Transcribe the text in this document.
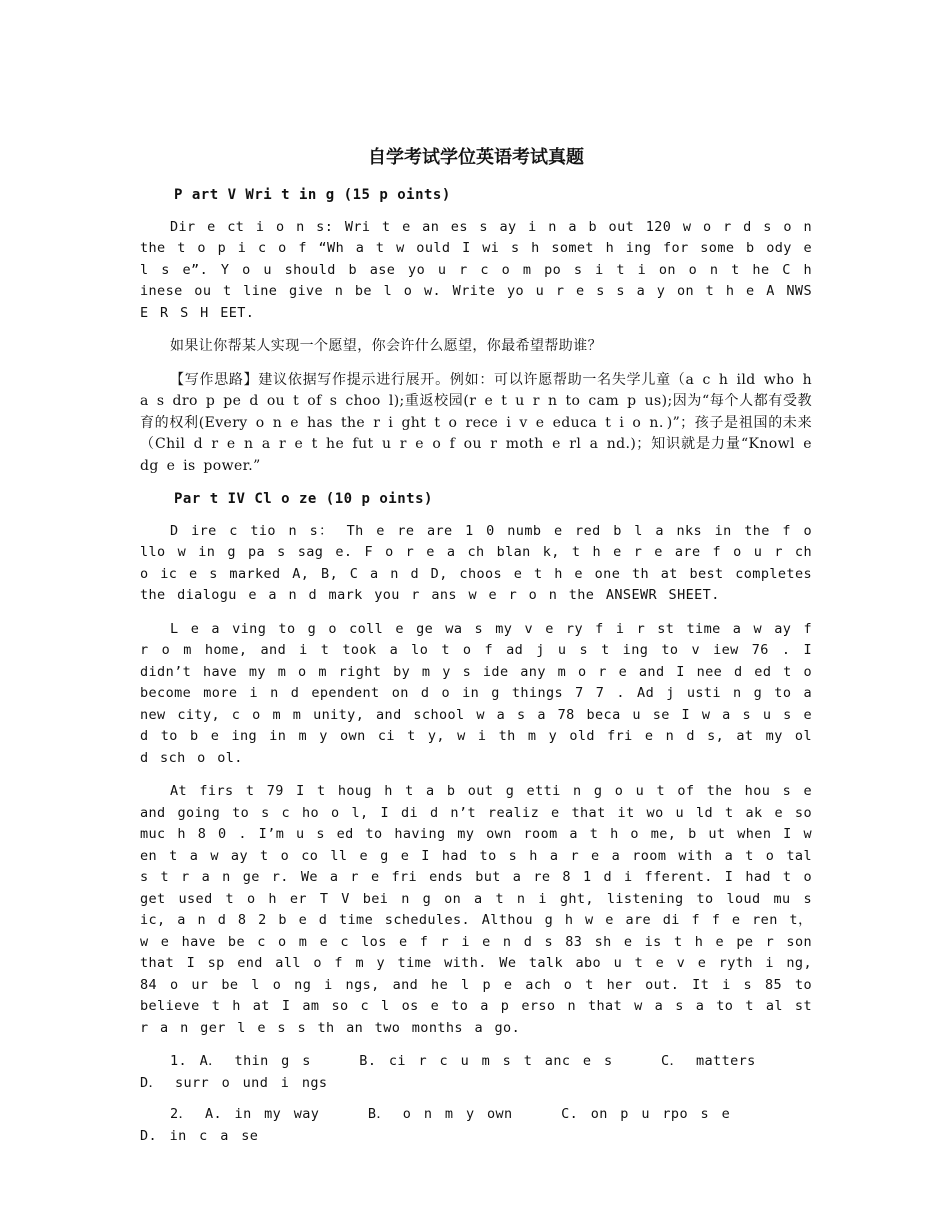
自学考试学位英语考试真题
P art V Wri t in g (15 p oints)

Dir e ct i o n s: Wri t e an es s ay i n a b out 120 w o r d s o n the t o p i c o f “Wh a t w ould I wi s h somet h ing for some b ody e l s e”. Y o u should b ase yo u r c o m po s i t i on o n t he C h inese ou t line give n be l o w. Write yo u r e s s a y on t h e A NWS E R S H EET.

如果让你帮某人实现一个愿望，你会许什么愿望，你最希望帮助谁？

【写作思路】建议依据写作提示进行展开。例如：可以许愿帮助一名失学儿童（a c h ild who h a s dro p pe d ou t of s choo l);重返校园(r e t u r n to cam p us);因为“每个人都有受教育的权利(Every o n e has the r i ght t o rece i v e educa t i o n．)”；孩子是祖国的未来（Chil d r e n a r e t he fut u r e o f ou r moth e rl a nd.)；知识就是力量“Knowl e dg e is power.”

Par t IV Cl o ze (10 p oints)

D ire c tio n s： Th e re are 1 0 numb e red b l a nks in the f o llo w in g pa s sag e. F o r e a ch blan k, t h e r e are f o u r ch o ic e s marked A, B, C a n d D, choos e t h e one th at best completes the dialogu e a n d mark you r ans w e r o n the ANSEWR SHEET.

L e a ving to g o coll e ge wa s my v e ry f i r st time a w ay f r o m home, and i t took a lo t o f ad j u s t ing to v iew 76 . I didn’t have my m o m right by m y s ide any m o r e and I nee d ed t o become more i n d ependent on d o in g things 7 7 . Ad j usti n g to a new city, c o m m unity, and school w a s a 78 beca u se I w a s u s e d to b e ing in m y own ci t y, w i th m y old fri e n d s, at my ol d sch o ol.

At firs t 79 I t houg h t a b out g etti n g o u t of the hou s e and going to s c ho o l, I di d n’t realiz e that it wo u ld t ak e so muc h 8 0 . I’m u s ed to having my own room a t h o me, b ut when I w en t a w ay t o co ll e g e I had to s h a r e a room with a t o tal s t r a n ge r. We a r e fri ends but a re 8 1 d i fferent. I had t o get used t o h er T V bei n g on a t n i ght, listening to loud mu s ic, a n d 8 2 b e d time schedules. Althou g h w e are di f f e ren t， w e have be c o m e c los e f r i e n d s 83 sh e is t h e pe r son that I sp end all o f m y time with. We talk abo u t e v e ryth i ng, 84 o ur be l o ng i ngs, and he l p e ach o t her out. It i s 85 to believe t h at I am so c l os e to a p erso n that w a s a to t al st r a n ger l e s s th an two months a go.

1. A． thin g s	B. ci r c u m s t anc e s	C． matters D． surr o und i ngs
2． A. in my way	B． o n m y own	C. on p u rpo s e D. in c a se
